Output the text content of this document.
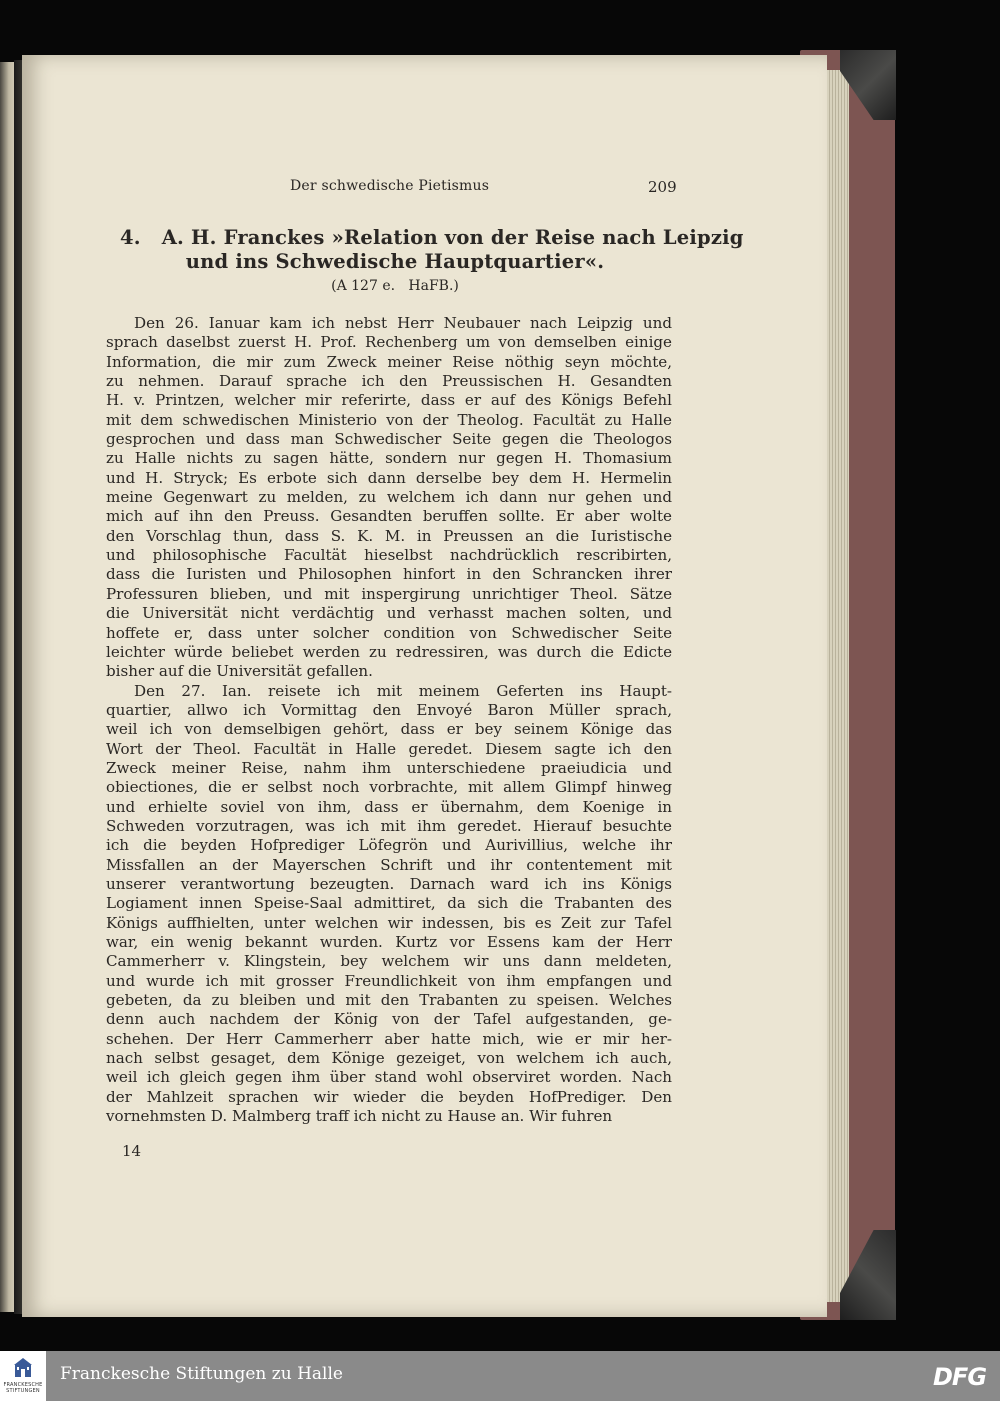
Der schwedische Pietismus	209
4.   A. H. Franckes »Relation von der Reise nach Leipzig
und ins Schwedische Hauptquartier«.
(A 127 e.   HaFB.)
Den 26. Ianuar kam ich nebst Herr Neubauer nach Leipzig und
sprach daselbst zuerst H. Prof. Rechenberg um von demselben einige
Information, die mir zum Zweck meiner Reise nöthig seyn möchte,
zu nehmen. Darauf sprache ich den Preussischen H. Gesandten
H. v. Printzen, welcher mir referirte, dass er auf des Königs Befehl
mit dem schwedischen Ministerio von der Theolog. Facultät zu Halle
gesprochen und dass man Schwedischer Seite gegen die Theologos
zu Halle nichts zu sagen hätte, sondern nur gegen H. Thomasium
und H. Stryck; Es erbote sich dann derselbe bey dem H. Hermelin
meine Gegenwart zu melden, zu welchem ich dann nur gehen und
mich auf ihn den Preuss. Gesandten beruffen sollte. Er aber wolte
den Vorschlag thun, dass S. K. M. in Preussen an die Iuristische
und philosophische Facultät hieselbst nachdrücklich rescribirten,
dass die Iuristen und Philosophen hinfort in den Schrancken ihrer
Professuren blieben, und mit inspergirung unrichtiger Theol. Sätze
die Universität nicht verdächtig und verhasst machen solten, und
hoffete er, dass unter solcher condition von Schwedischer Seite
leichter würde beliebet werden zu redressiren, was durch die Edicte
bisher auf die Universität gefallen.
Den 27. Ian. reisete ich mit meinem Geferten ins Haupt-
quartier, allwo ich Vormittag den Envoyé Baron Müller sprach,
weil ich von demselbigen gehört, dass er bey seinem Könige das
Wort der Theol. Facultät in Halle geredet. Diesem sagte ich den
Zweck meiner Reise, nahm ihm unterschiedene praeiudicia und
obiectiones, die er selbst noch vorbrachte, mit allem Glimpf hinweg
und erhielte soviel von ihm, dass er übernahm, dem Koenige in
Schweden vorzutragen, was ich mit ihm geredet. Hierauf besuchte
ich die beyden Hofprediger Löfegrön und Aurivillius, welche ihr
Missfallen an der Mayerschen Schrift und ihr contentement mit
unserer verantwortung bezeugten. Darnach ward ich ins Königs
Logiament innen Speise-Saal admittiret, da sich die Trabanten des
Königs auffhielten, unter welchen wir indessen, bis es Zeit zur Tafel
war, ein wenig bekannt wurden. Kurtz vor Essens kam der Herr
Cammerherr v. Klingstein, bey welchem wir uns dann meldeten,
und wurde ich mit grosser Freundlichkeit von ihm empfangen und
gebeten, da zu bleiben und mit den Trabanten zu speisen. Welches
denn auch nachdem der König von der Tafel aufgestanden, ge-
schehen. Der Herr Cammerherr aber hatte mich, wie er mir her-
nach selbst gesaget, dem Könige gezeiget, von welchem ich auch,
weil ich gleich gegen ihm über stand wohl observiret worden. Nach
der Mahlzeit sprachen wir wieder die beyden HofPrediger. Den
vornehmsten D. Malmberg traff ich nicht zu Hause an. Wir fuhren
14
FRANCKESCHE
STIFTUNGEN
Franckesche Stiftungen zu Halle	DFG
